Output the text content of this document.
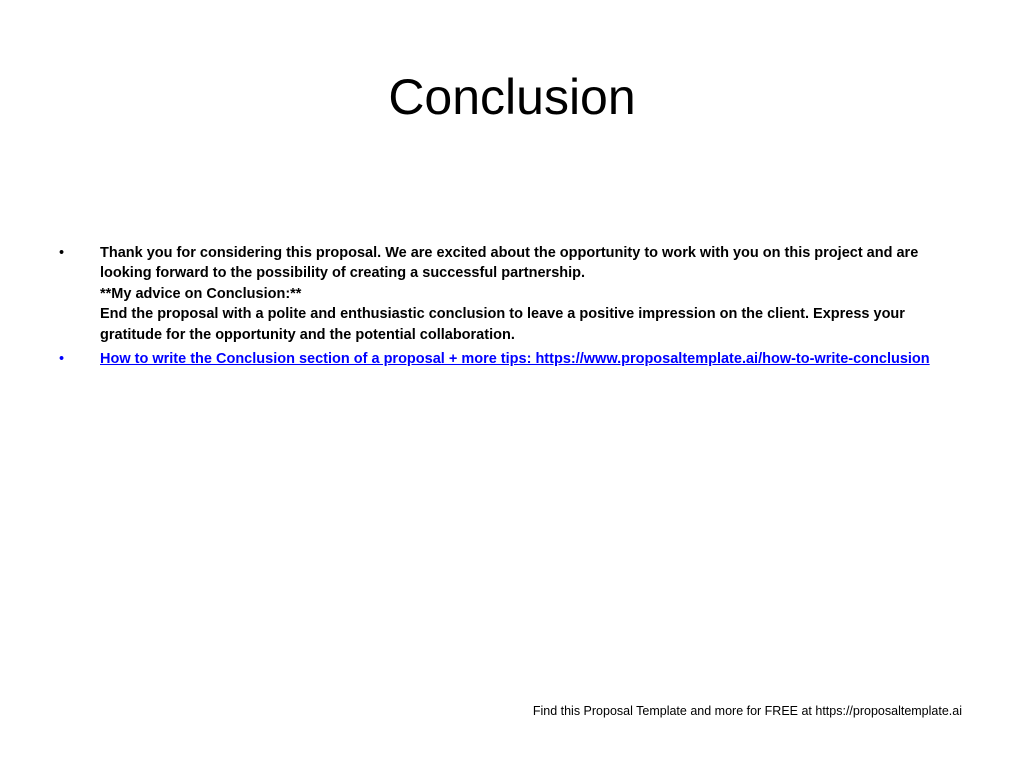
Conclusion
• Thank you for considering this proposal. We are excited about the opportunity to work with you on this project and are looking forward to the possibility of creating a successful partnership.
**My advice on Conclusion:**
End the proposal with a polite and enthusiastic conclusion to leave a positive impression on the client. Express your gratitude for the opportunity and the potential collaboration.
• How to write the Conclusion section of a proposal + more tips: https://www.proposaltemplate.ai/how-to-write-conclusion
Find this Proposal Template and more for FREE at https://proposaltemplate.ai
